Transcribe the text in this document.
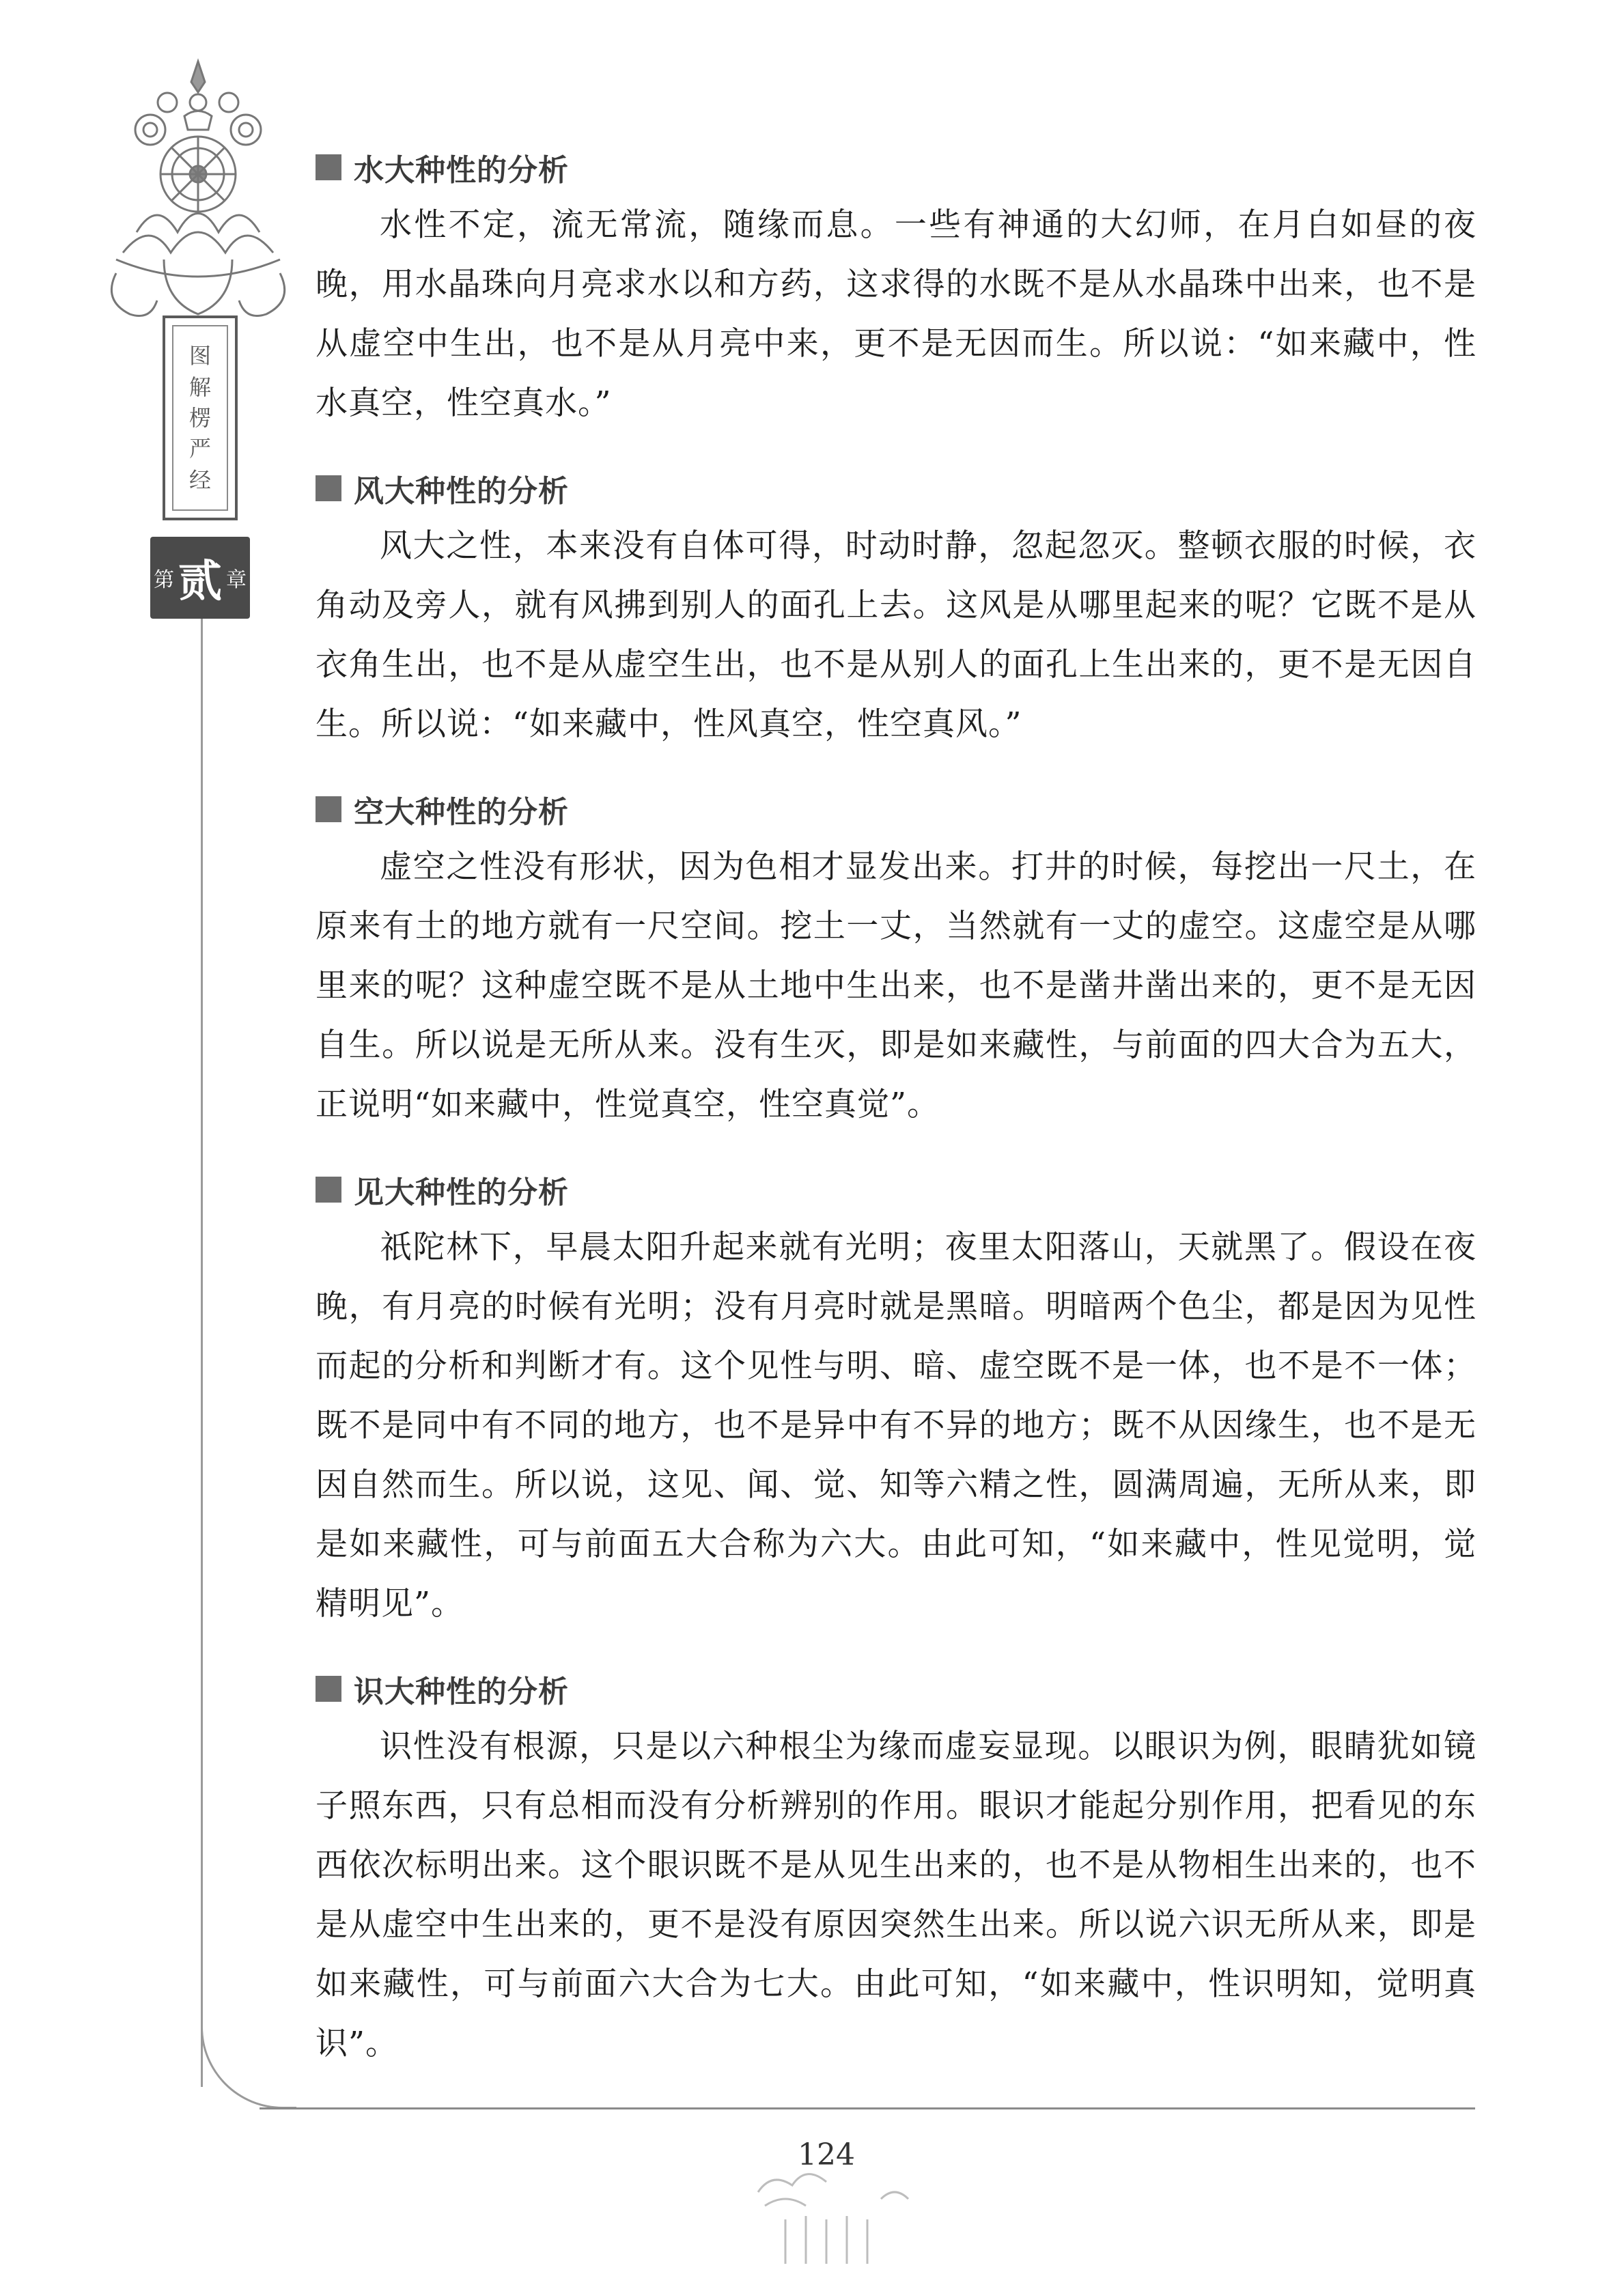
图
解
楞
严
经
第 贰 章
水大种性的分析

水性不定，流无常流，随缘而息。一些有神通的大幻师，在月白如昼的夜晚，用水晶珠向月亮求水以和方药，这求得的水既不是从水晶珠中出来，也不是从虚空中生出，也不是从月亮中来，更不是无因而生。所以说：“如来藏中，性水真空，性空真水。”

风大种性的分析

风大之性，本来没有自体可得，时动时静，忽起忽灭。整顿衣服的时候，衣角动及旁人，就有风拂到别人的面孔上去。这风是从哪里起来的呢？它既不是从衣角生出，也不是从虚空生出，也不是从别人的面孔上生出来的，更不是无因自生。所以说：“如来藏中，性风真空，性空真风。”

空大种性的分析

虚空之性没有形状，因为色相才显发出来。打井的时候，每挖出一尺土，在原来有土的地方就有一尺空间。挖土一丈，当然就有一丈的虚空。这虚空是从哪里来的呢？这种虚空既不是从土地中生出来，也不是凿井凿出来的，更不是无因自生。所以说是无所从来。没有生灭，即是如来藏性，与前面的四大合为五大，正说明“如来藏中，性觉真空，性空真觉”。

见大种性的分析

祇陀林下，早晨太阳升起来就有光明；夜里太阳落山，天就黑了。假设在夜晚，有月亮的时候有光明；没有月亮时就是黑暗。明暗两个色尘，都是因为见性而起的分析和判断才有。这个见性与明、暗、虚空既不是一体，也不是不一体；既不是同中有不同的地方，也不是异中有不异的地方；既不从因缘生，也不是无因自然而生。所以说，这见、闻、觉、知等六精之性，圆满周遍，无所从来，即是如来藏性，可与前面五大合称为六大。由此可知，“如来藏中，性见觉明，觉精明见”。

识大种性的分析

识性没有根源，只是以六种根尘为缘而虚妄显现。以眼识为例，眼睛犹如镜子照东西，只有总相而没有分析辨别的作用。眼识才能起分别作用，把看见的东西依次标明出来。这个眼识既不是从见生出来的，也不是从物相生出来的，也不是从虚空中生出来的，更不是没有原因突然生出来。所以说六识无所从来，即是如来藏性，可与前面六大合为七大。由此可知，“如来藏中，性识明知，觉明真识”。

124
